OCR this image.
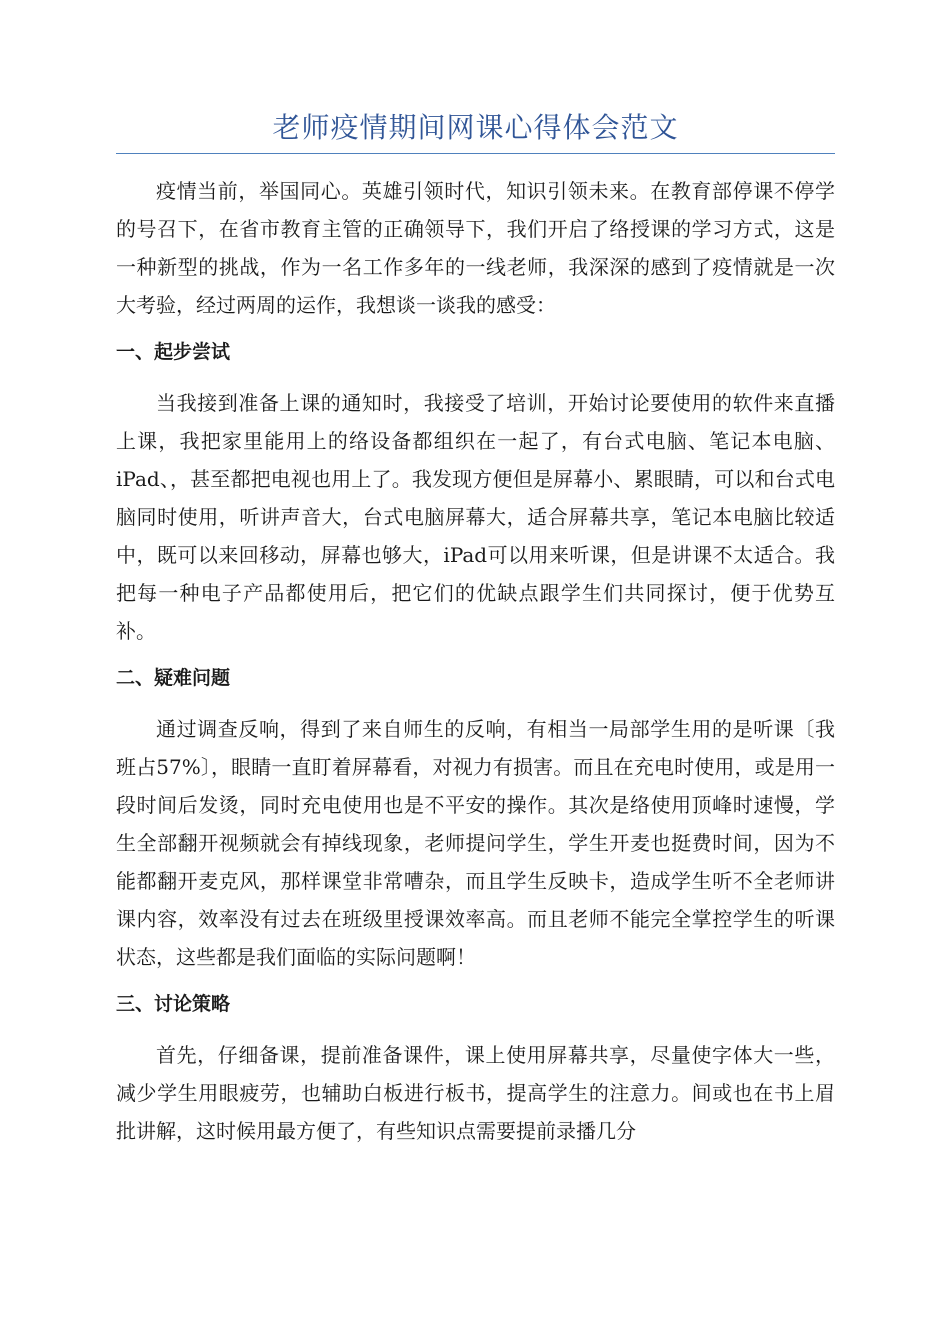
老师疫情期间网课心得体会范文

疫情当前，举国同心。英雄引领时代，知识引领未来。在教育部停课不停学的号召下，在省市教育主管的正确领导下，我们开启了络授课的学习方式，这是一种新型的挑战，作为一名工作多年的一线老师，我深深的感到了疫情就是一次大考验，经过两周的运作，我想谈一谈我的感受：

一、起步尝试

当我接到准备上课的通知时，我接受了培训，开始讨论要使用的软件来直播上课，我把家里能用上的络设备都组织在一起了，有台式电脑、笔记本电脑、iPad、，甚至都把电视也用上了。我发现方便但是屏幕小、累眼睛，可以和台式电脑同时使用，听讲声音大，台式电脑屏幕大，适合屏幕共享，笔记本电脑比较适中，既可以来回移动，屏幕也够大，iPad可以用来听课，但是讲课不太适合。我把每一种电子产品都使用后，把它们的优缺点跟学生们共同探讨，便于优势互补。

二、疑难问题

通过调查反响，得到了来自师生的反响，有相当一局部学生用的是听课〔我班占57%〕，眼睛一直盯着屏幕看，对视力有损害。而且在充电时使用，或是用一段时间后发烫，同时充电使用也是不平安的操作。其次是络使用顶峰时速慢，学生全部翻开视频就会有掉线现象，老师提问学生，学生开麦也挺费时间，因为不能都翻开麦克风，那样课堂非常嘈杂，而且学生反映卡，造成学生听不全老师讲课内容，效率没有过去在班级里授课效率高。而且老师不能完全掌控学生的听课状态，这些都是我们面临的实际问题啊！

三、讨论策略

首先，仔细备课，提前准备课件，课上使用屏幕共享，尽量使字体大一些，减少学生用眼疲劳，也辅助白板进行板书，提高学生的注意力。间或也在书上眉批讲解，这时候用最方便了，有些知识点需要提前录播几分
